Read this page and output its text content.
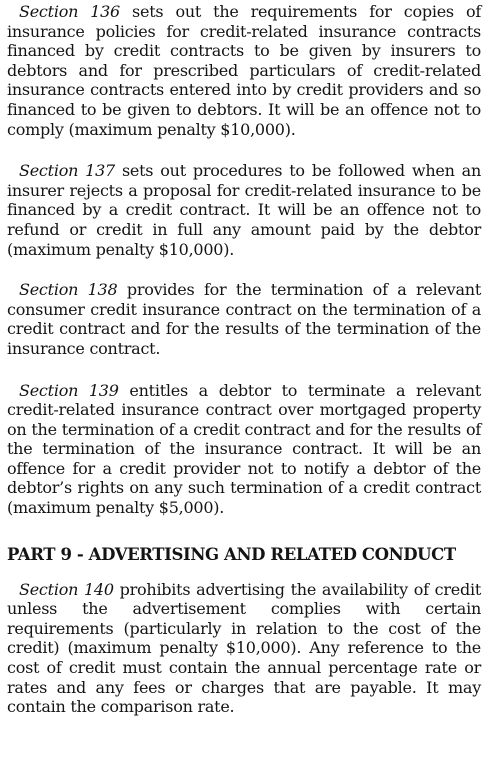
Section 136 sets out the requirements for copies of insurance policies for credit-related insurance contracts financed by credit contracts to be given by insurers to debtors and for prescribed particulars of credit-related insurance contracts entered into by credit providers and so financed to be given to debtors. It will be an offence not to comply (maximum penalty $10,000).

Section 137 sets out procedures to be followed when an insurer rejects a proposal for credit-related insurance to be financed by a credit contract. It will be an offence not to refund or credit in full any amount paid by the debtor (maximum penalty $10,000).

Section 138 provides for the termination of a relevant consumer credit insurance contract on the termination of a credit contract and for the results of the termination of the insurance contract.

Section 139 entitles a debtor to terminate a relevant credit-related insurance contract over mortgaged property on the termination of a credit contract and for the results of the termination of the insurance contract. It will be an offence for a credit provider not to notify a debtor of the debtor’s rights on any such termination of a credit contract (maximum penalty $5,000).

PART 9 - ADVERTISING AND RELATED CONDUCT

Section 140 prohibits advertising the availability of credit unless the advertisement complies with certain requirements (particularly in relation to the cost of the credit) (maximum penalty $10,000). Any reference to the cost of credit must contain the annual percentage rate or rates and any fees or charges that are payable. It may contain the comparison rate.
